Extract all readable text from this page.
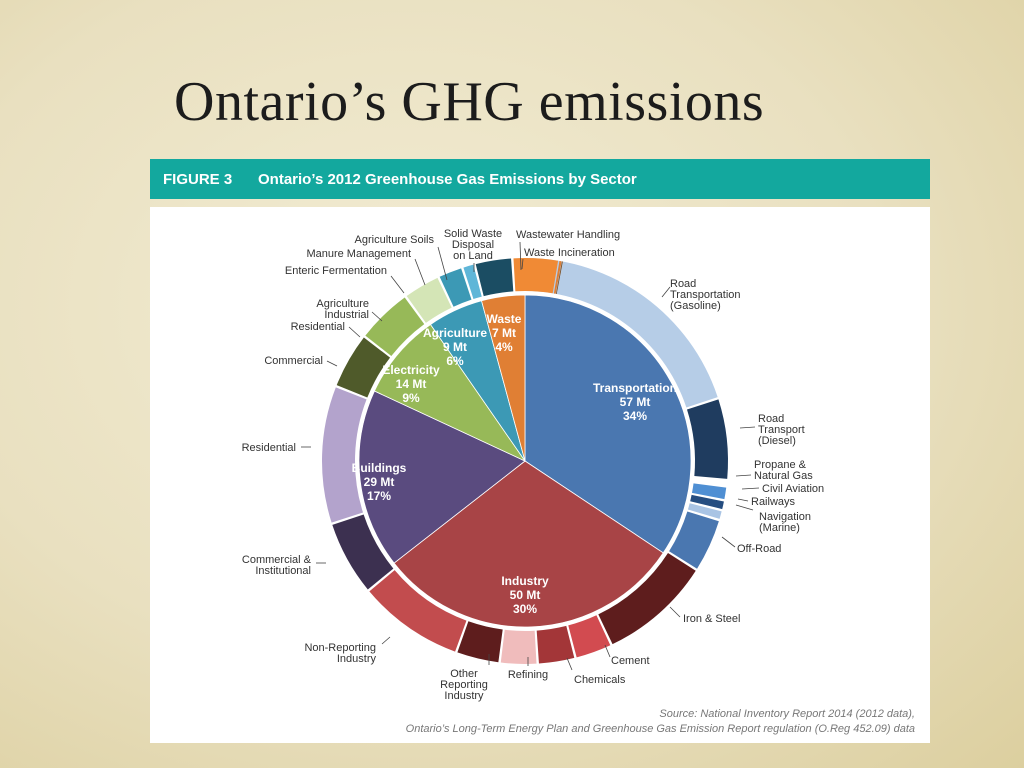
Ontario’s GHG emissions
FIGURE 3	Ontario’s 2012 Greenhouse Gas Emissions by Sector
Transportation 57 Mt 34%
Industry 50 Mt 30%
Buildings 29 Mt 17%
Electricity 14 Mt 9%
Agriculture 9 Mt 6%
Waste 7 Mt 4%
Road Transportation (Gasoline)
Road Transport (Diesel)
Propane & Natural Gas
Civil Aviation
Railways
Navigation (Marine)
Off-Road
Iron & Steel
Cement
Chemicals
Refining
Other Reporting Industry
Non-Reporting Industry
Commercial & Institutional
Residential
Commercial
Residential
Agriculture Industrial
Enteric Fermentation
Manure Management
Agriculture Soils Solid Waste Disposal on Land
Wastewater Handling
Waste Incineration
Source: National Inventory Report 2014 (2012 data),
Ontario’s Long-Term Energy Plan and Greenhouse Gas Emission Report regulation (O.Reg 452.09) data
